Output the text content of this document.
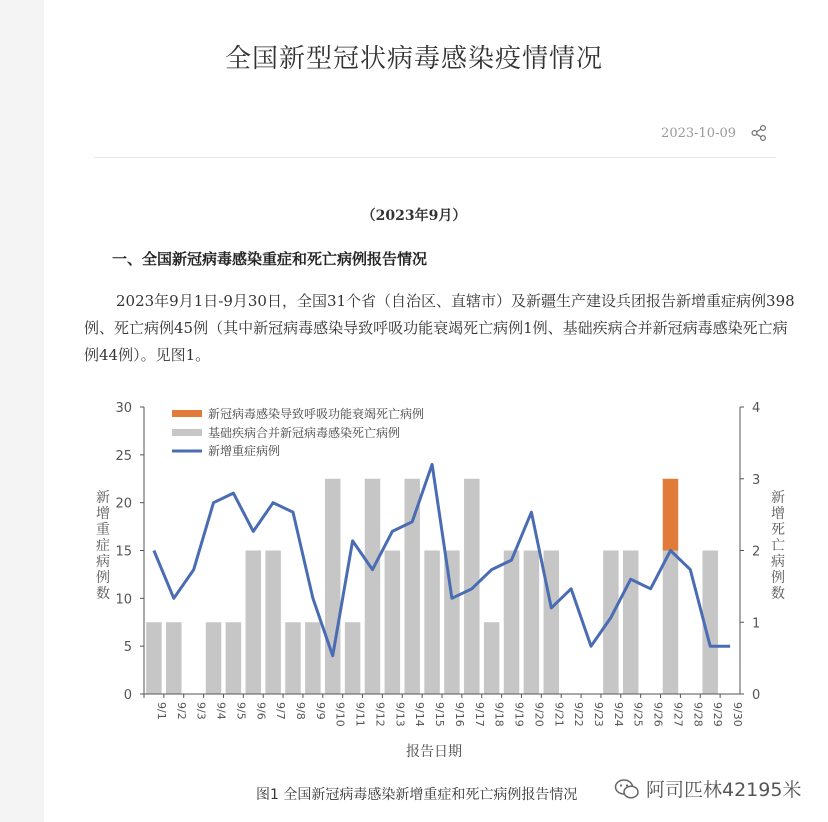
全国新型冠状病毒感染疫情情况
2023-10-09
（2023年9月）
一、全国新冠病毒感染重症和死亡病例报告情况
2023年9月1日-9月30日，全国31个省（自治区、直辖市）及新疆生产建设兵团报告新增重症病例398例、死亡病例45例（其中新冠病毒感染导致呼吸功能衰竭死亡病例1例、基础疾病合并新冠病毒感染死亡病例44例）。见图1。
0
5
10
15
20
25
30
0
1
2
3
4
9/1 9/2 9/3 9/4 9/5 9/6 9/7 9/8 9/9 9/10 9/11 9/12 9/13 9/14 9/15 9/16 9/17 9/18 9/19 9/20 9/21 9/22 9/23 9/24 9/25 9/26 9/27 9/28 9/29 9/30
新增重症病例数
新增死亡病例数
报告日期
新冠病毒感染导致呼吸功能衰竭死亡病例
基础疾病合并新冠病毒感染死亡病例
新增重症病例
图1 全国新冠病毒感染新增重症和死亡病例报告情况	阿司匹林42195米
